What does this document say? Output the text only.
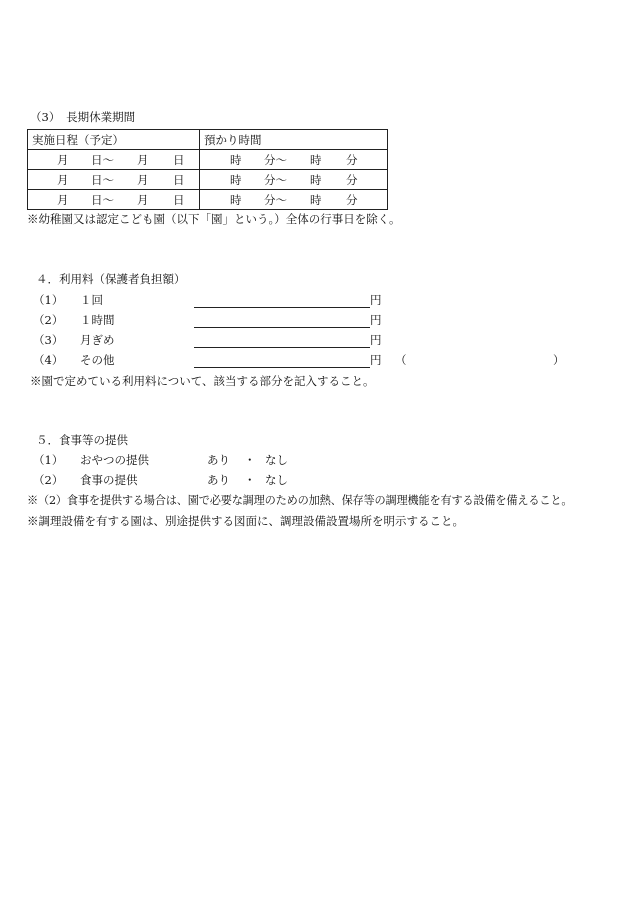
（3）　長期休業期間
実施日程（予定）	預かり時間

月 日～ 月 日	時 分～ 時 分

月 日～ 月 日	時 分～ 時 分

月 日～ 月 日	時 分～ 時 分
※幼稚園又は認定こども園（以下「園」という。）全体の行事日を除く。
４．利用料（保護者負担額）
（1） １回	円
（2） １時間	円
（3） 月ぎめ	円
（4） その他	円 （	）
※園で定めている利用料について、該当する部分を記入すること。
５．食事等の提供
（1） おやつの提供	あり ・ なし
（2） 食事の提供	あり ・ なし
※（2）食事を提供する場合は、園で必要な調理のための加熱、保存等の調理機能を有する設備を備えること。
※調理設備を有する園は、別途提供する図面に、調理設備設置場所を明示すること。
